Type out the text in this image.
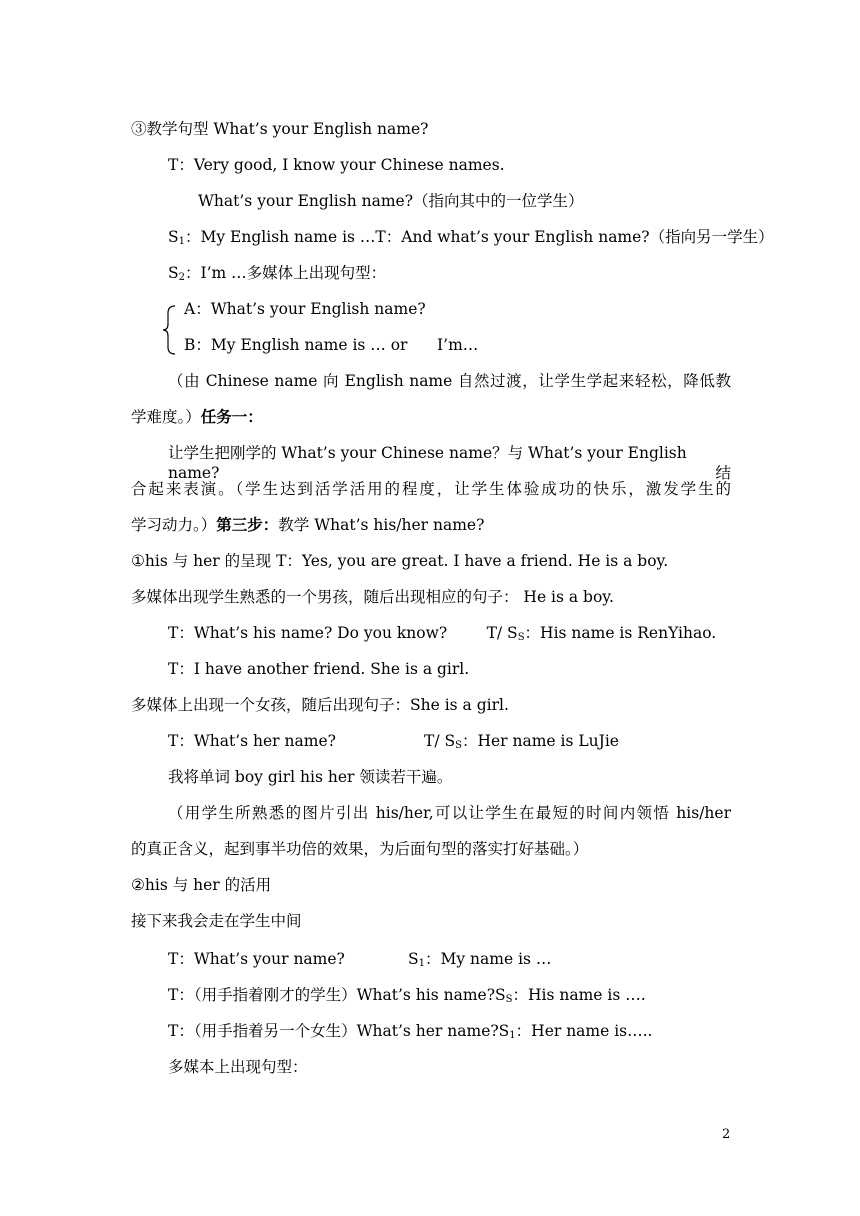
③教学句型 What’s your English name?
T：Very good, I know your Chinese names.
What’s your English name?（指向其中的一位学生）
$S_1$：My English name is …T：And what’s your English name?（指向另一学生）
$S_2$：I’m …多媒体上出现句型：
A：What’s your English name?
B：My English name is … or      I’m…
（由 Chinese name 向 English name 自然过渡，让学生学起来轻松，降低教
学难度。）任务一：
让学生把刚学的 What’s your Chinese name？与 What’s your English name?结
合起来表演。（学生达到活学活用的程度，让学生体验成功的快乐，激发学生的
学习动力。）第三步：教学 What’s his/her name?
①his 与 her 的呈现 T：Yes, you are great. I have a friend. He is a boy.
多媒体出现学生熟悉的一个男孩，随后出现相应的句子： He is a boy.
T：What’s his name? Do you know?        T/ $S_S$：His name is RenYihao.
T：I have another friend. She is a girl.
多媒体上出现一个女孩，随后出现句子：She is a girl.
T：What’s her name?	T/ $S_S$：Her name is LuJie
我将单词 boy girl his her 领读若干遍。
（用学生所熟悉的图片引出 his/her,可以让学生在最短的时间内领悟 his/her
的真正含义，起到事半功倍的效果，为后面句型的落实打好基础。）
②his 与 her 的活用
接下来我会走在学生中间
T：What’s your name?	$S_1$：My name is …
T：（用手指着刚才的学生）What’s his $name?S_S$：His name is ….
T：（用手指着另一个女生）What’s her $name?S_1$：Her name is…..
多媒本上出现句型：
2
